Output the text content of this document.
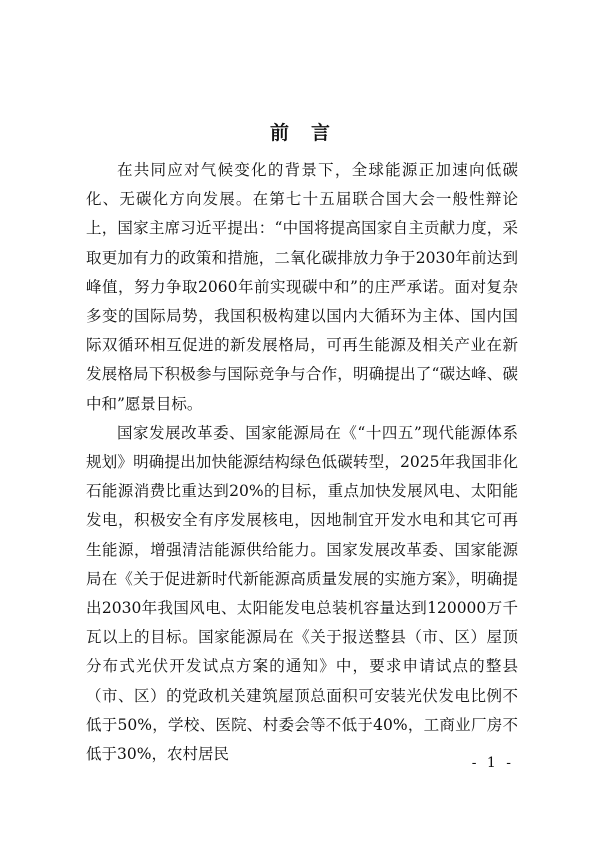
前言

在共同应对气候变化的背景下，全球能源正加速向低碳化、无碳化方向发展。在第七十五届联合国大会一般性辩论上，国家主席习近平提出：“中国将提高国家自主贡献力度，采取更加有力的政策和措施，二氧化碳排放力争于2030年前达到峰值，努力争取2060年前实现碳中和”的庄严承诺。面对复杂多变的国际局势，我国积极构建以国内大循环为主体、国内国际双循环相互促进的新发展格局，可再生能源及相关产业在新发展格局下积极参与国际竞争与合作，明确提出了“碳达峰、碳中和”愿景目标。

国家发展改革委、国家能源局在《“十四五”现代能源体系规划》明确提出加快能源结构绿色低碳转型，2025年我国非化石能源消费比重达到20%的目标，重点加快发展风电、太阳能发电，积极安全有序发展核电，因地制宜开发水电和其它可再生能源，增强清洁能源供给能力。国家发展改革委、国家能源局在《关于促进新时代新能源高质量发展的实施方案》，明确提出2030年我国风电、太阳能发电总装机容量达到120000万千瓦以上的目标。国家能源局在《关于报送整县（市、区）屋顶分布式光伏开发试点方案的通知》中，要求申请试点的整县（市、区）的党政机关建筑屋顶总面积可安装光伏发电比例不低于50%，学校、医院、村委会等不低于40%，工商业厂房不低于30%，农村居民	- 1 -
